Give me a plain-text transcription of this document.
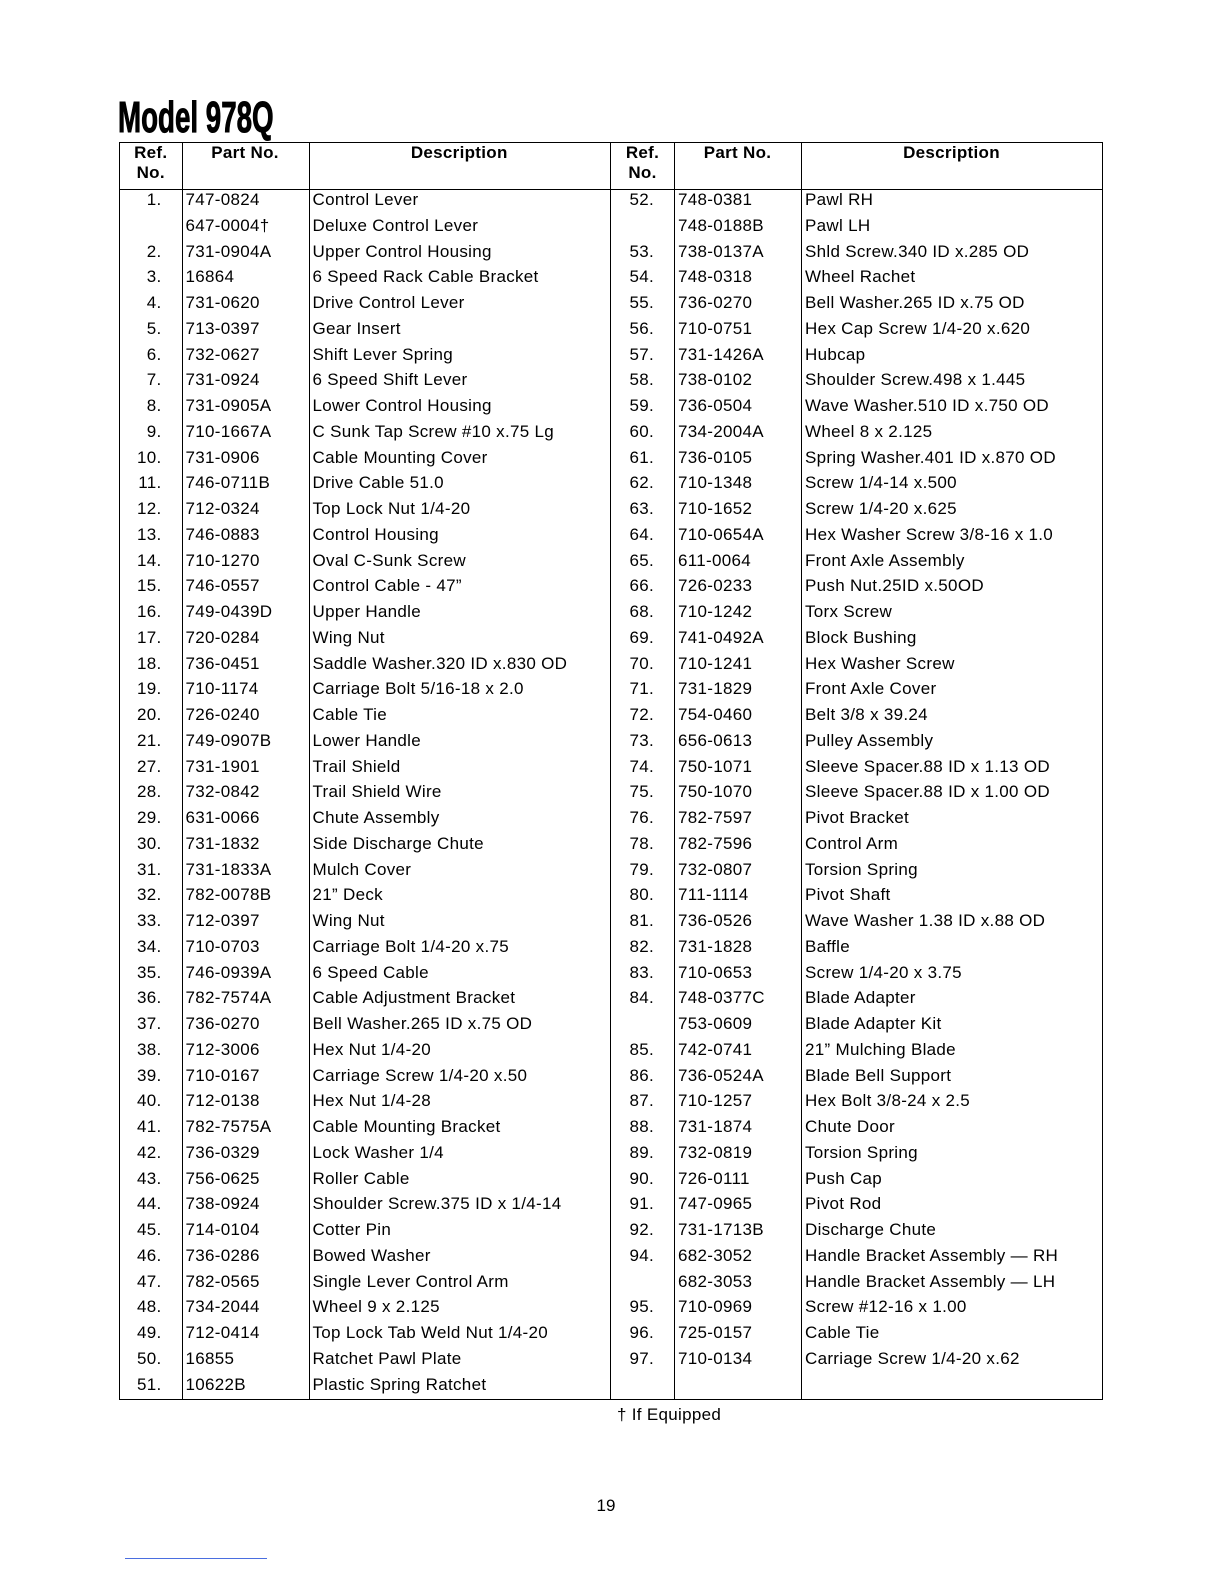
Model 978Q
Ref.
No.
Part No.	Description
1.	747-0824	Control Lever
647-0004†	Deluxe Control Lever
2.	731-0904A	Upper Control Housing
3.	16864	6 Speed Rack Cable Bracket
4.	731-0620	Drive Control Lever
5.	713-0397	Gear Insert
6.	732-0627	Shift Lever Spring
7.	731-0924	6 Speed Shift Lever
8.	731-0905A	Lower Control Housing
9.	710-1667A	C Sunk Tap Screw #10 x.75 Lg
10.	731-0906	Cable Mounting Cover
11.	746-0711B	Drive Cable 51.0
12.	712-0324	Top Lock Nut 1/4-20
13.	746-0883	Control Housing
14.	710-1270	Oval C-Sunk Screw
15.	746-0557	Control Cable - 47”
16.	749-0439D	Upper Handle
17.	720-0284	Wing Nut
18.	736-0451	Saddle Washer.320 ID x.830 OD
19.	710-1174	Carriage Bolt 5/16-18 x 2.0
20.	726-0240	Cable Tie
21.	749-0907B	Lower Handle
27.	731-1901	Trail Shield
28.	732-0842	Trail Shield Wire
29.	631-0066	Chute Assembly
30.	731-1832	Side Discharge Chute
31.	731-1833A	Mulch Cover
32.	782-0078B	21” Deck
33.	712-0397	Wing Nut
34.	710-0703	Carriage Bolt 1/4-20 x.75
35.	746-0939A	6 Speed Cable
36.	782-7574A	Cable Adjustment Bracket
37.	736-0270	Bell Washer.265 ID x.75 OD
38.	712-3006	Hex Nut 1/4-20
39.	710-0167	Carriage Screw 1/4-20 x.50
40.	712-0138	Hex Nut 1/4-28
41.	782-7575A	Cable Mounting Bracket
42.	736-0329	Lock Washer 1/4
43.	756-0625	Roller Cable
44.	738-0924	Shoulder Screw.375 ID x 1/4-14
45.	714-0104	Cotter Pin
46.	736-0286	Bowed Washer
47.	782-0565	Single Lever Control Arm
48.	734-2044	Wheel 9 x 2.125
49.	712-0414	Top Lock Tab Weld Nut 1/4-20
50.	16855	Ratchet Pawl Plate
51.	10622B	Plastic Spring Ratchet
Ref.
No.
Part No.	Description
52.	748-0381	Pawl RH
748-0188B	Pawl LH
53.	738-0137A	Shld Screw.340 ID x.285 OD
54.	748-0318	Wheel Rachet
55.	736-0270	Bell Washer.265 ID x.75 OD
56.	710-0751	Hex Cap Screw 1/4-20 x.620
57.	731-1426A	Hubcap
58.	738-0102	Shoulder Screw.498 x 1.445
59.	736-0504	Wave Washer.510 ID x.750 OD
60.	734-2004A	Wheel 8 x 2.125
61.	736-0105	Spring Washer.401 ID x.870 OD
62.	710-1348	Screw 1/4-14 x.500
63.	710-1652	Screw 1/4-20 x.625
64.	710-0654A	Hex Washer Screw 3/8-16 x 1.0
65.	611-0064	Front Axle Assembly
66.	726-0233	Push Nut.25ID x.50OD
68.	710-1242	Torx Screw
69.	741-0492A	Block Bushing
70.	710-1241	Hex Washer Screw
71.	731-1829	Front Axle Cover
72.	754-0460	Belt 3/8 x 39.24
73.	656-0613	Pulley Assembly
74.	750-1071	Sleeve Spacer.88 ID x 1.13 OD
75.	750-1070	Sleeve Spacer.88 ID x 1.00 OD
76.	782-7597	Pivot Bracket
78.	782-7596	Control Arm
79.	732-0807	Torsion Spring
80.	711-1114	Pivot Shaft
81.	736-0526	Wave Washer 1.38 ID x.88 OD
82.	731-1828	Baffle
83.	710-0653	Screw 1/4-20 x 3.75
84.	748-0377C	Blade Adapter
753-0609	Blade Adapter Kit
85.	742-0741	21” Mulching Blade
86.	736-0524A	Blade Bell Support
87.	710-1257	Hex Bolt 3/8-24 x 2.5
88.	731-1874	Chute Door
89.	732-0819	Torsion Spring
90.	726-0111	Push Cap
91.	747-0965	Pivot Rod
92.	731-1713B	Discharge Chute
94.	682-3052	Handle Bracket Assembly — RH
682-3053	Handle Bracket Assembly — LH
95.	710-0969	Screw #12-16 x 1.00
96.	725-0157	Cable Tie
97.	710-0134	Carriage Screw 1/4-20 x.62
† If Equipped
19
